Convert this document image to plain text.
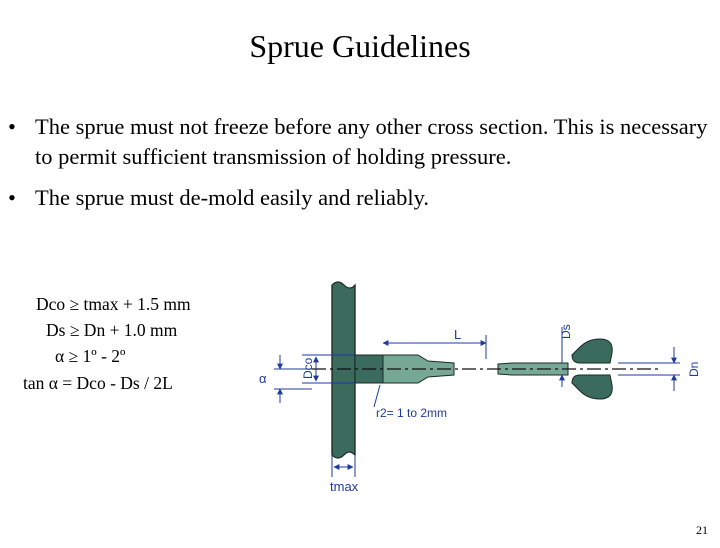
Sprue Guidelines
• The sprue must not freeze before any other cross section. This is necessary to permit sufficient transmission of holding pressure.
• The sprue must de-mold easily and reliably.
Dco ≥ tmax + 1.5 mm
Ds ≥ Dn + 1.0 mm
α ≥ 1º - 2º
tan α = Dco - Ds / 2L
L	Ds
Dn
Dco
α
r2= 1 to 2mm
tmax
21
